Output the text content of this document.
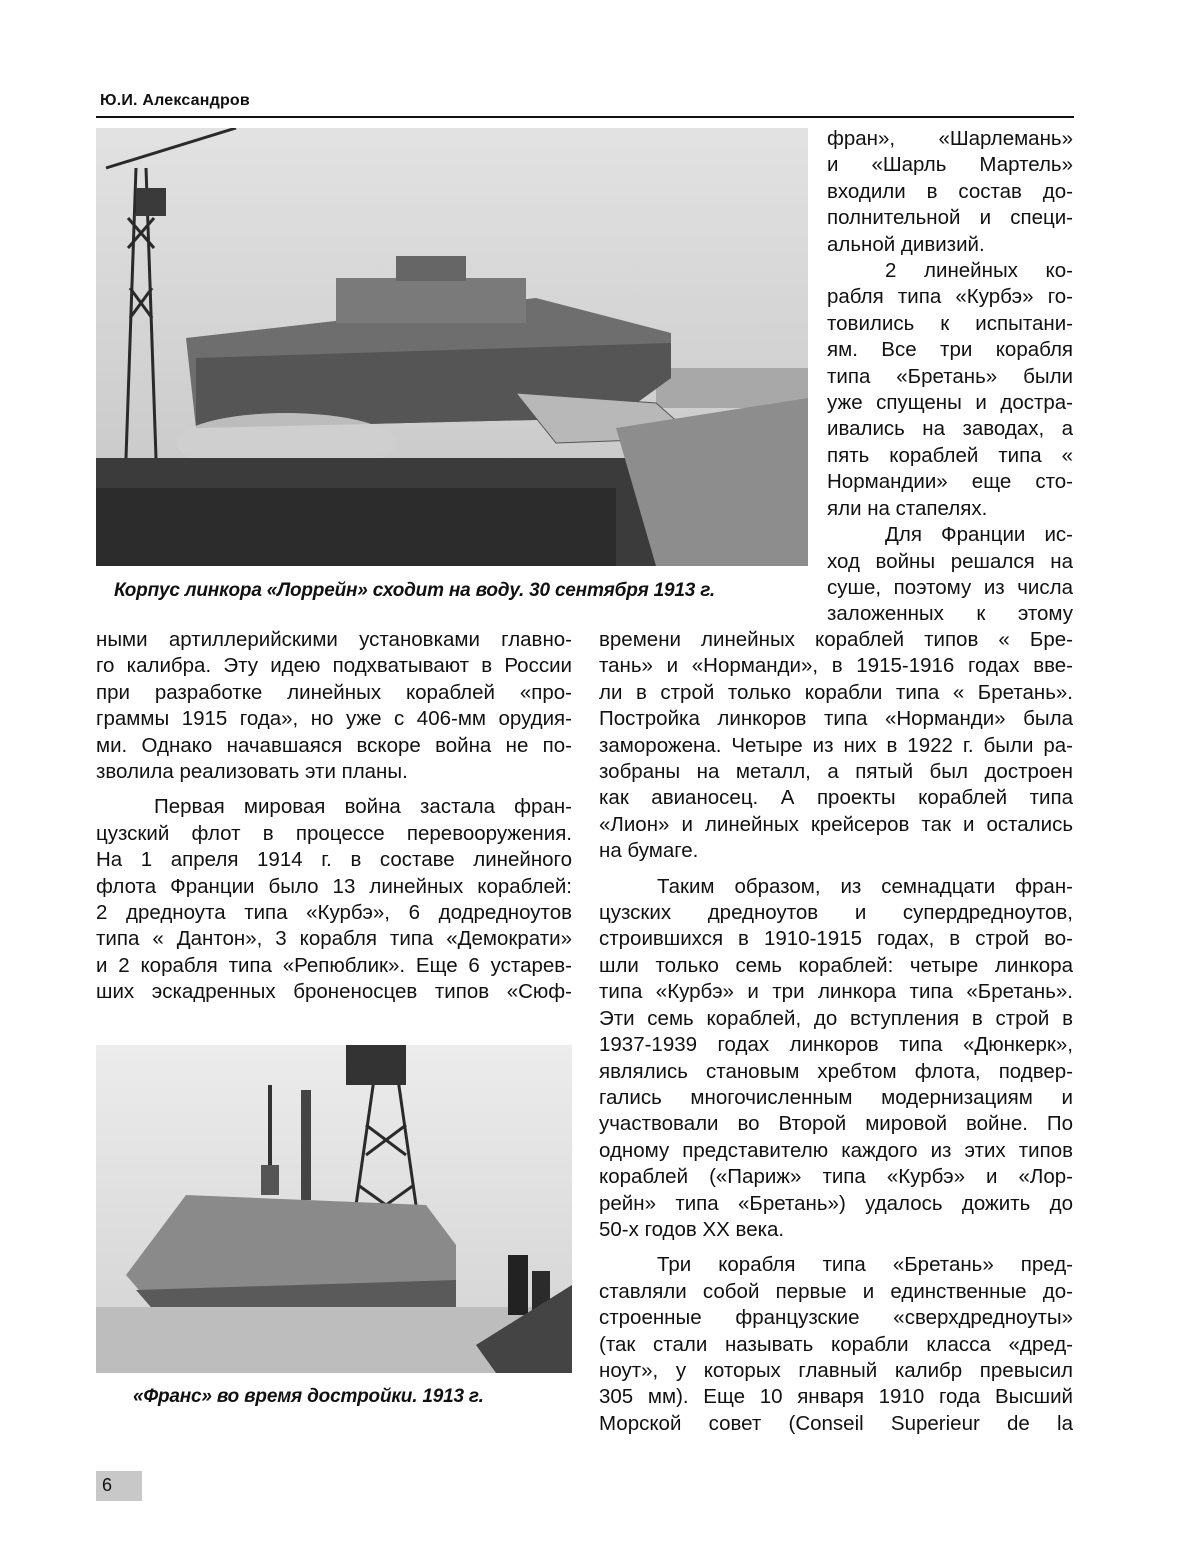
Ю.И. Александров
Корпус линкора «Лоррейн» сходит на воду. 30 сентября 1913 г.
фран», «Шарлемань»
и «Шарль Мартель»
входили в состав до-
полнительной и специ-
альной дивизий.
2 линейных ко-
рабля типа «Курбэ» го-
товились к испытани-
ям. Все три корабля
типа «Бретань» были
уже спущены и достра-
ивались на заводах, а
пять кораблей типа «
Нормандии» еще сто-
яли на стапелях.
Для Франции ис-
ход войны решался на
суше, поэтому из числа
заложенных к этому
ными артиллерийскими установками главно-
го калибра. Эту идею подхватывают в России
при разработке линейных кораблей «про-
граммы 1915 года», но уже с 406-мм орудия-
ми. Однако начавшаяся вскоре война не по-
зволила реализовать эти планы.
Первая мировая война застала фран-
цузский флот в процессе перевооружения.
На 1 апреля 1914 г. в составе линейного
флота Франции было 13 линейных кораблей:
2 дредноута типа «Курбэ», 6 додредноутов
типа « Дантон», 3 корабля типа «Демократи»
и 2 корабля типа «Репюблик». Еще 6 устарев-
ших эскадренных броненосцев типов «Сюф-
времени линейных кораблей типов « Бре-
тань» и «Норманди», в 1915-1916 годах вве-
ли в строй только корабли типа « Бретань».
Постройка линкоров типа «Норманди» была
заморожена. Четыре из них в 1922 г. были ра-
зобраны на металл, а пятый был достроен
как авианосец. А проекты кораблей типа
«Лион» и линейных крейсеров так и остались
на бумаге.
Таким образом, из семнадцати фран-
цузских дредноутов и супердредноутов,
строившихся в 1910-1915 годах, в строй во-
шли только семь кораблей: четыре линкора
типа «Курбэ» и три линкора типа «Бретань».
Эти семь кораблей, до вступления в строй в
1937-1939 годах линкоров типа «Дюнкерк»,
являлись становым хребтом флота, подвер-
гались многочисленным модернизациям и
участвовали во Второй мировой войне. По
одному представителю каждого из этих типов
кораблей («Париж» типа «Курбэ» и «Лор-
рейн» типа «Бретань») удалось дожить до
50-х годов XX века.
Три корабля типа «Бретань» пред-
ставляли собой первые и единственные до-
строенные французские «сверхдредноуты»
(так стали называть корабли класса «дред-
ноут», у которых главный калибр превысил
305 мм). Еще 10 января 1910 года Высший
Морской совет (Conseil Superieur de la
«Франс» во время достройки. 1913 г.
6
